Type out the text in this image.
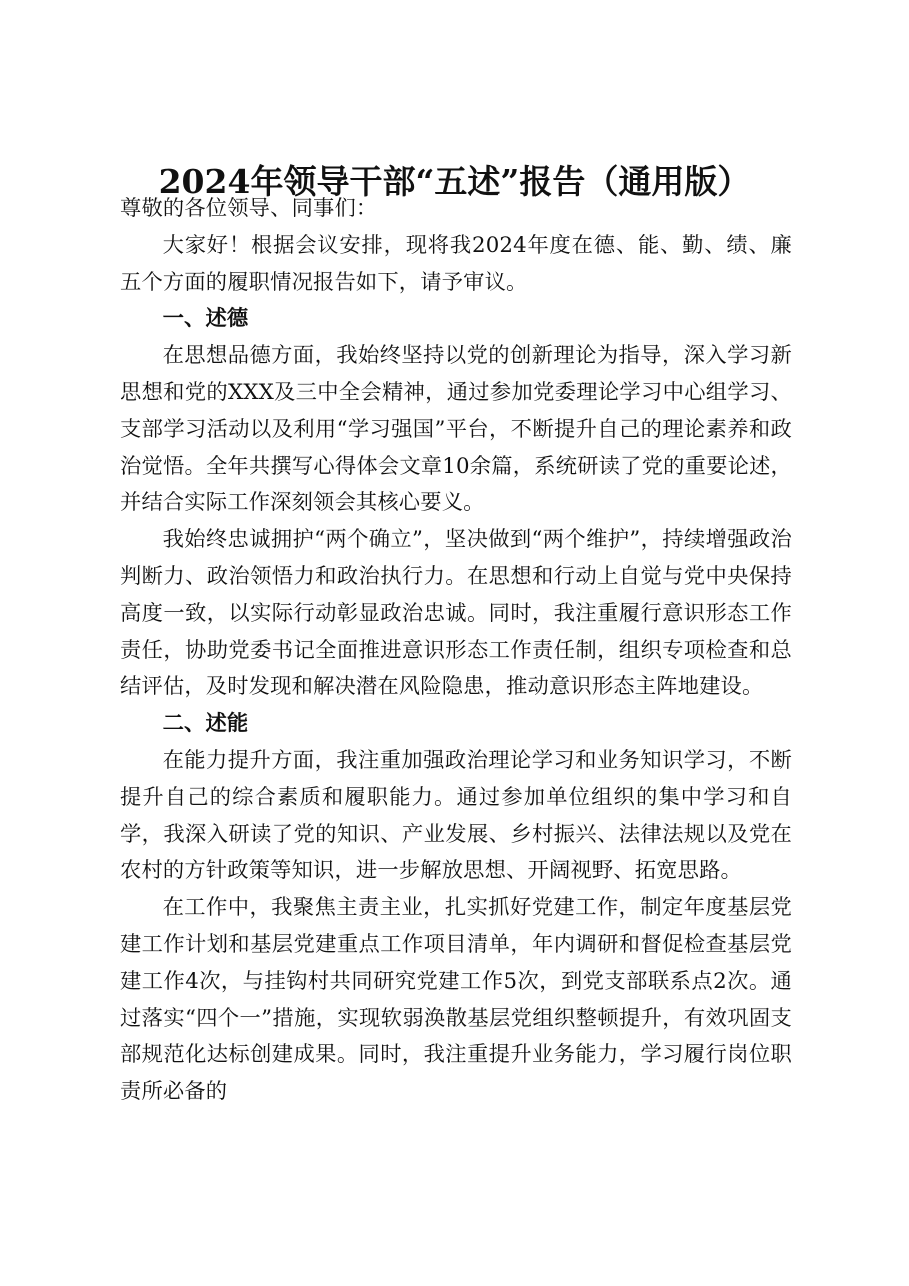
2024年领导干部“五述”报告（通用版）

尊敬的各位领导、同事们：

大家好！根据会议安排，现将我2024年度在德、能、勤、绩、廉五个方面的履职情况报告如下，请予审议。

一、述德

在思想品德方面，我始终坚持以党的创新理论为指导，深入学习新思想和党的XXX及三中全会精神，通过参加党委理论学习中心组学习、支部学习活动以及利用“学习强国”平台，不断提升自己的理论素养和政治觉悟。全年共撰写心得体会文章10余篇，系统研读了党的重要论述，并结合实际工作深刻领会其核心要义。

我始终忠诚拥护“两个确立”，坚决做到“两个维护”，持续增强政治判断力、政治领悟力和政治执行力。在思想和行动上自觉与党中央保持高度一致，以实际行动彰显政治忠诚。同时，我注重履行意识形态工作责任，协助党委书记全面推进意识形态工作责任制，组织专项检查和总结评估，及时发现和解决潜在风险隐患，推动意识形态主阵地建设。

二、述能

在能力提升方面，我注重加强政治理论学习和业务知识学习，不断提升自己的综合素质和履职能力。通过参加单位组织的集中学习和自学，我深入研读了党的知识、产业发展、乡村振兴、法律法规以及党在农村的方针政策等知识，进一步解放思想、开阔视野、拓宽思路。

在工作中，我聚焦主责主业，扎实抓好党建工作，制定年度基层党建工作计划和基层党建重点工作项目清单，年内调研和督促检查基层党建工作4次，与挂钩村共同研究党建工作5次，到党支部联系点2次。通过落实“四个一”措施，实现软弱涣散基层党组织整顿提升，有效巩固支部规范化达标创建成果。同时，我注重提升业务能力，学习履行岗位职责所必备的
